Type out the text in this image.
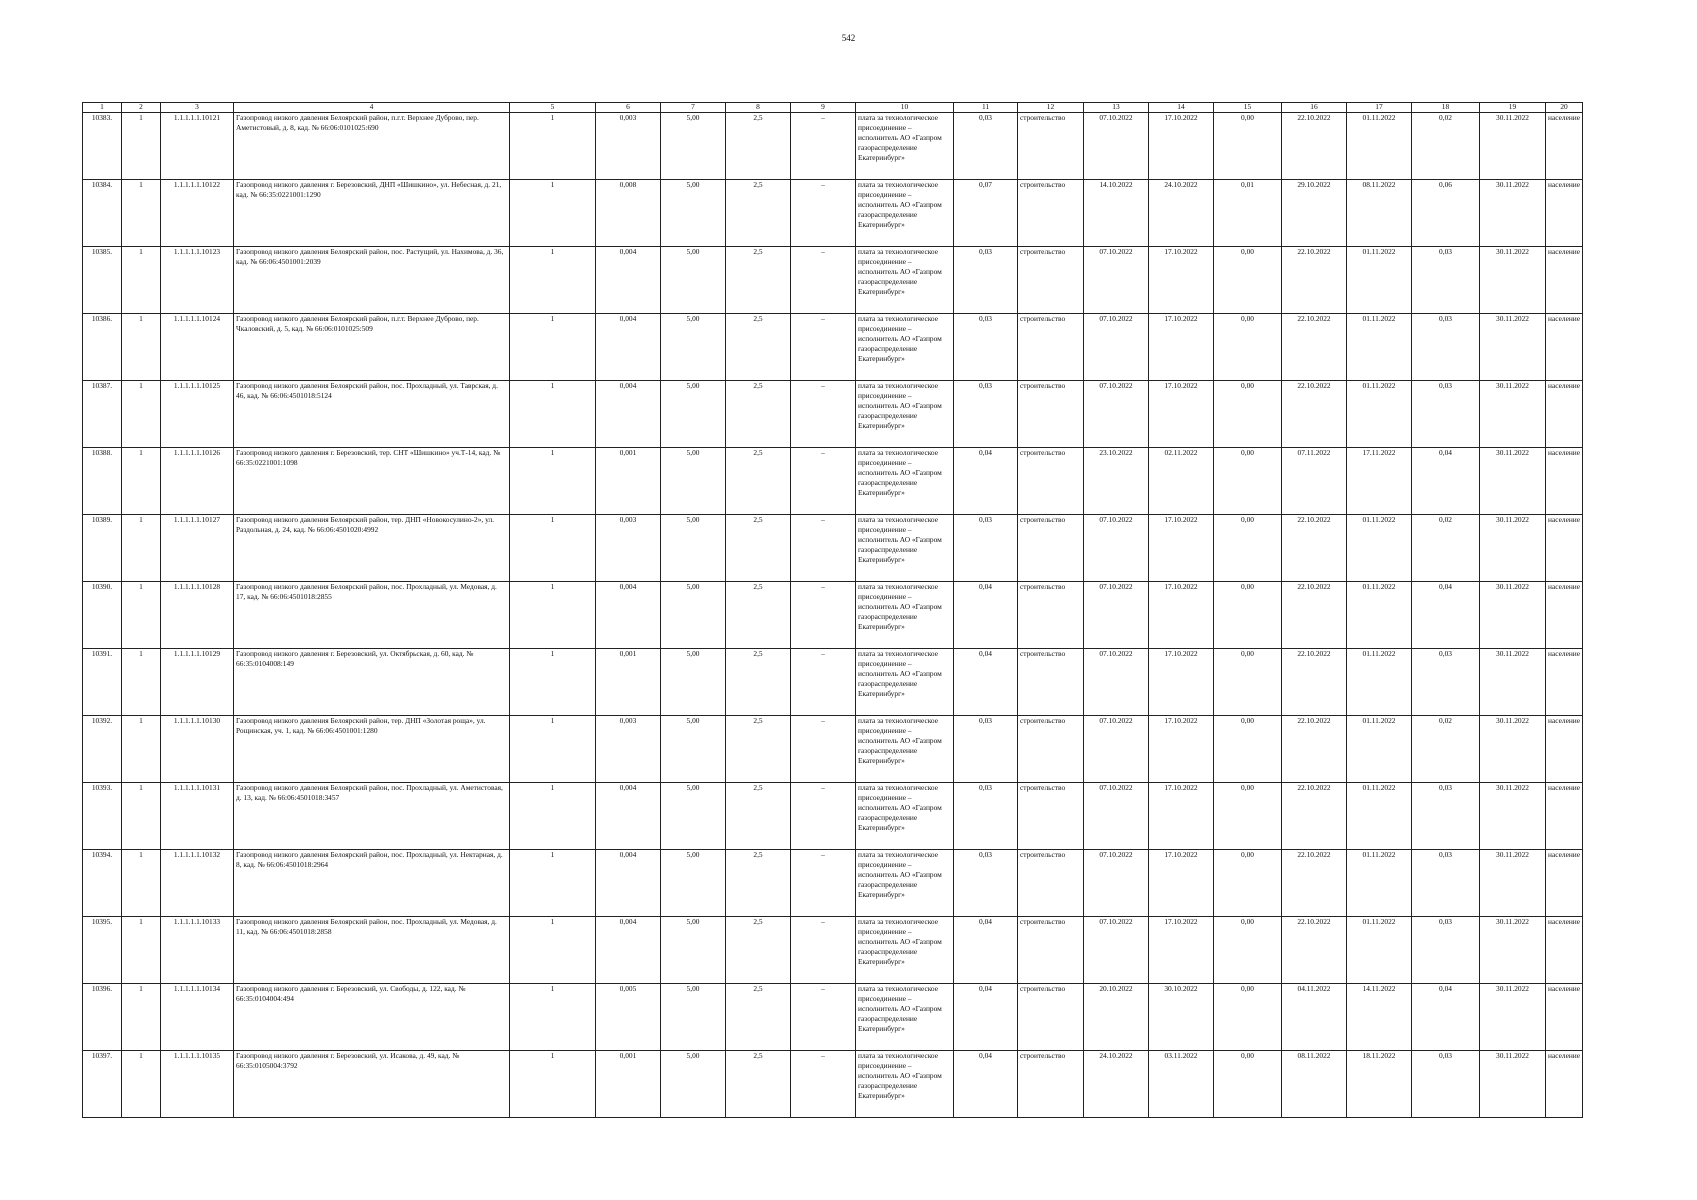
542
1	2	3	4	5	6	7	8	9	10	11	12	13	14	15	16	17	18	19	20
10383.	1	1.1.1.1.1.10121	Газопровод низкого давления Белоярский район, п.г.т. Верхнее Дуброво, пер. Аметистовый, д. 8, кад. № 66:06:0101025:690	1	0,003	5,00	2,5	–	плата за технологическое присоединение – исполнитель АО «Газпром газораспределение Екатеринбург»	0,03	строительство	07.10.2022	17.10.2022	0,00	22.10.2022	01.11.2022	0,02	30.11.2022	население
10384.	1	1.1.1.1.1.10122	Газопровод низкого давления г. Березовский, ДНП «Шишкино», ул. Небесная, д. 21, кад. № 66:35:0221001:1290	1	0,008	5,00	2,5	–	плата за технологическое присоединение – исполнитель АО «Газпром газораспределение Екатеринбург»	0,07	строительство	14.10.2022	24.10.2022	0,01	29.10.2022	08.11.2022	0,06	30.11.2022	население
10385.	1	1.1.1.1.1.10123	Газопровод низкого давления Белоярский район, пос. Растущий, ул. Нахимова, д. 36, кад. № 66:06:4501001:2039	1	0,004	5,00	2,5	–	плата за технологическое присоединение – исполнитель АО «Газпром газораспределение Екатеринбург»	0,03	строительство	07.10.2022	17.10.2022	0,00	22.10.2022	01.11.2022	0,03	30.11.2022	население
10386.	1	1.1.1.1.1.10124	Газопровод низкого давления Белоярский район, п.г.т. Верхнее Дуброво, пер. Чкаловский, д. 5, кад. № 66:06:0101025:509	1	0,004	5,00	2,5	–	плата за технологическое присоединение – исполнитель АО «Газпром газораспределение Екатеринбург»	0,03	строительство	07.10.2022	17.10.2022	0,00	22.10.2022	01.11.2022	0,03	30.11.2022	население
10387.	1	1.1.1.1.1.10125	Газопровод низкого давления Белоярский район, пос. Прохладный, ул. Таврская, д. 46, кад. № 66:06:4501018:5124	1	0,004	5,00	2,5	–	плата за технологическое присоединение – исполнитель АО «Газпром газораспределение Екатеринбург»	0,03	строительство	07.10.2022	17.10.2022	0,00	22.10.2022	01.11.2022	0,03	30.11.2022	население
10388.	1	1.1.1.1.1.10126	Газопровод низкого давления г. Березовский, тер. СНТ «Шишкино» уч.Т-14, кад. № 66:35:0221001:1098	1	0,001	5,00	2,5	–	плата за технологическое присоединение – исполнитель АО «Газпром газораспределение Екатеринбург»	0,04	строительство	23.10.2022	02.11.2022	0,00	07.11.2022	17.11.2022	0,04	30.11.2022	население
10389.	1	1.1.1.1.1.10127	Газопровод низкого давления Белоярский район, тер. ДНП «Новокосулино-2», ул. Раздольная, д. 24, кад. № 66:06:4501020:4992	1	0,003	5,00	2,5	–	плата за технологическое присоединение – исполнитель АО «Газпром газораспределение Екатеринбург»	0,03	строительство	07.10.2022	17.10.2022	0,00	22.10.2022	01.11.2022	0,02	30.11.2022	население
10390.	1	1.1.1.1.1.10128	Газопровод низкого давления Белоярский район, пос. Прохладный, ул. Медовая, д. 17, кад. № 66:06:4501018:2855	1	0,004	5,00	2,5	–	плата за технологическое присоединение – исполнитель АО «Газпром газораспределение Екатеринбург»	0,04	строительство	07.10.2022	17.10.2022	0,00	22.10.2022	01.11.2022	0,04	30.11.2022	население
10391.	1	1.1.1.1.1.10129	Газопровод низкого давления г. Березовский, ул. Октябрьская, д. 60, кад. № 66:35:0104008:149	1	0,001	5,00	2,5	–	плата за технологическое присоединение – исполнитель АО «Газпром газораспределение Екатеринбург»	0,04	строительство	07.10.2022	17.10.2022	0,00	22.10.2022	01.11.2022	0,03	30.11.2022	население
10392.	1	1.1.1.1.1.10130	Газопровод низкого давления Белоярский район, тер. ДНП «Золотая роща», ул. Рощинская, уч. 1, кад. № 66:06:4501001:1280	1	0,003	5,00	2,5	–	плата за технологическое присоединение – исполнитель АО «Газпром газораспределение Екатеринбург»	0,03	строительство	07.10.2022	17.10.2022	0,00	22.10.2022	01.11.2022	0,02	30.11.2022	население
10393.	1	1.1.1.1.1.10131	Газопровод низкого давления Белоярский район, пос. Прохладный, ул. Аметистовая, д. 13, кад. № 66:06:4501018:3457	1	0,004	5,00	2,5	–	плата за технологическое присоединение – исполнитель АО «Газпром газораспределение Екатеринбург»	0,03	строительство	07.10.2022	17.10.2022	0,00	22.10.2022	01.11.2022	0,03	30.11.2022	население
10394.	1	1.1.1.1.1.10132	Газопровод низкого давления Белоярский район, пос. Прохладный, ул. Нектарная, д. 8, кад. № 66:06:4501018:2964	1	0,004	5,00	2,5	–	плата за технологическое присоединение – исполнитель АО «Газпром газораспределение Екатеринбург»	0,03	строительство	07.10.2022	17.10.2022	0,00	22.10.2022	01.11.2022	0,03	30.11.2022	население
10395.	1	1.1.1.1.1.10133	Газопровод низкого давления Белоярский район, пос. Прохладный, ул. Медовая, д. 11, кад. № 66:06:4501018:2858	1	0,004	5,00	2,5	–	плата за технологическое присоединение – исполнитель АО «Газпром газораспределение Екатеринбург»	0,04	строительство	07.10.2022	17.10.2022	0,00	22.10.2022	01.11.2022	0,03	30.11.2022	население
10396.	1	1.1.1.1.1.10134	Газопровод низкого давления г. Березовский, ул. Свободы, д. 122, кад. № 66:35:0104004:494	1	0,005	5,00	2,5	–	плата за технологическое присоединение – исполнитель АО «Газпром газораспределение Екатеринбург»	0,04	строительство	20.10.2022	30.10.2022	0,00	04.11.2022	14.11.2022	0,04	30.11.2022	население
10397.	1	1.1.1.1.1.10135	Газопровод низкого давления г. Березовский, ул. Исакова, д. 49, кад. № 66:35:0105004:3792	1	0,001	5,00	2,5	–	плата за технологическое присоединение – исполнитель АО «Газпром газораспределение Екатеринбург»	0,04	строительство	24.10.2022	03.11.2022	0,00	08.11.2022	18.11.2022	0,03	30.11.2022	население
